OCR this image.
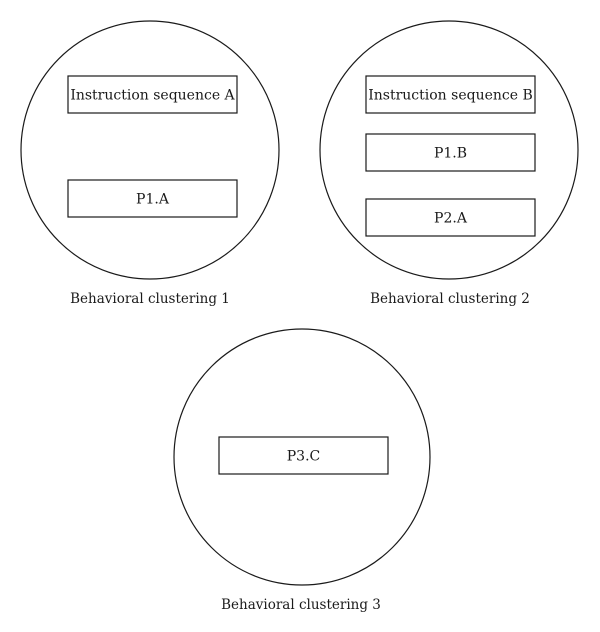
Instruction sequence A
P1.A
Behavioral clustering 1
Instruction sequence B
P1.B
P2.A
Behavioral clustering 2
P3.C
Behavioral clustering 3
